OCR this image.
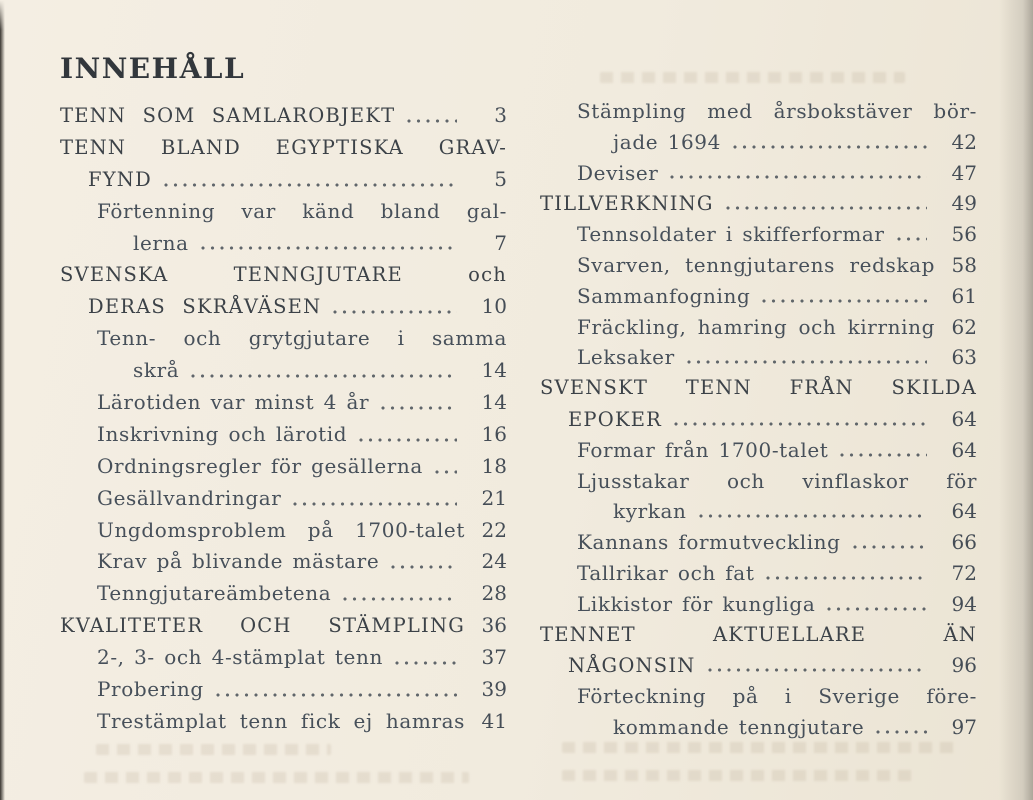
INNEHÅLL
TENN SOM SAMLAROBJEKT	3
TENN BLAND EGYPTISKA GRAV-
FYND	5
Förtenning var känd bland gal-
lerna	7
SVENSKA TENNGJUTARE och
DERAS SKRÅVÄSEN	10
Tenn- och grytgjutare i samma
skrå	14
Lärotiden var minst 4 år	14
Inskrivning och lärotid	16
Ordningsregler för gesällerna	18
Gesällvandringar	21
Ungdomsproblem på 1700-talet 22
Krav på blivande mästare	24
Tenngjutareämbetena	28
KVALITETER OCH STÄMPLING 36
2-, 3- och 4-stämplat tenn	37
Probering	39
Trestämplat tenn fick ej hamras 41
Stämpling med årsbokstäver bör-
jade 1694	42
Deviser	47
TILLVERKNING	49
Tennsoldater i skifferformar	56
Svarven, tenngjutarens redskap 58
Sammanfogning	61
Fräckling, hamring och kirrning 62
Leksaker	63
SVENSKT TENN FRÅN SKILDA
EPOKER	64
Formar från 1700-talet	64
Ljusstakar och vinflaskor för
kyrkan	64
Kannans formutveckling	66
Tallrikar och fat	72
Likkistor för kungliga	94
TENNET AKTUELLARE ÄN
NÅGONSIN	96
Förteckning på i Sverige före-
kommande tenngjutare	97
